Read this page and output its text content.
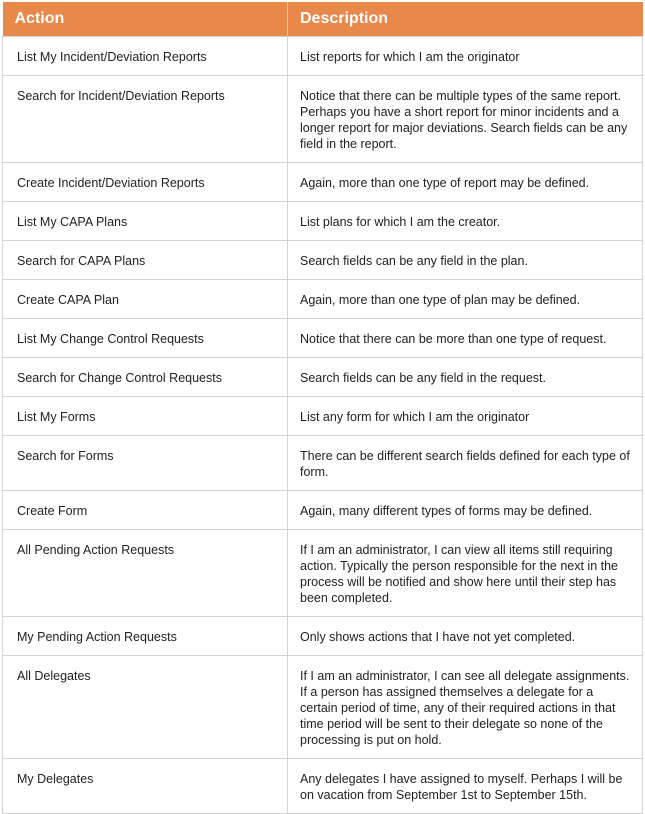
Action	Description
List My Incident/Deviation Reports	List reports for which I am the originator
Search for Incident/Deviation Reports	Notice that there can be multiple types of the same report. Perhaps you have a short report for minor incidents and a longer report for major deviations. Search fields can be any field in the report.
Create Incident/Deviation Reports	Again, more than one type of report may be defined.
List My CAPA Plans	List plans for which I am the creator.
Search for CAPA Plans	Search fields can be any field in the plan.
Create CAPA Plan	Again, more than one type of plan may be defined.
List My Change Control Requests	Notice that there can be more than one type of request.
Search for Change Control Requests	Search fields can be any field in the request.
List My Forms	List any form for which I am the originator
Search for Forms	There can be different search fields defined for each type of form.
Create Form	Again, many different types of forms may be defined.
All Pending Action Requests	If I am an administrator, I can view all items still requiring action. Typically the person responsible for the next in the process will be notified and show here until their step has been completed.
My Pending Action Requests	Only shows actions that I have not yet completed.
All Delegates	If I am an administrator, I can see all delegate assignments. If a person has assigned themselves a delegate for a certain period of time, any of their required actions in that time period will be sent to their delegate so none of the processing is put on hold.
My Delegates	Any delegates I have assigned to myself. Perhaps I will be on vacation from September 1st to September 15th.
